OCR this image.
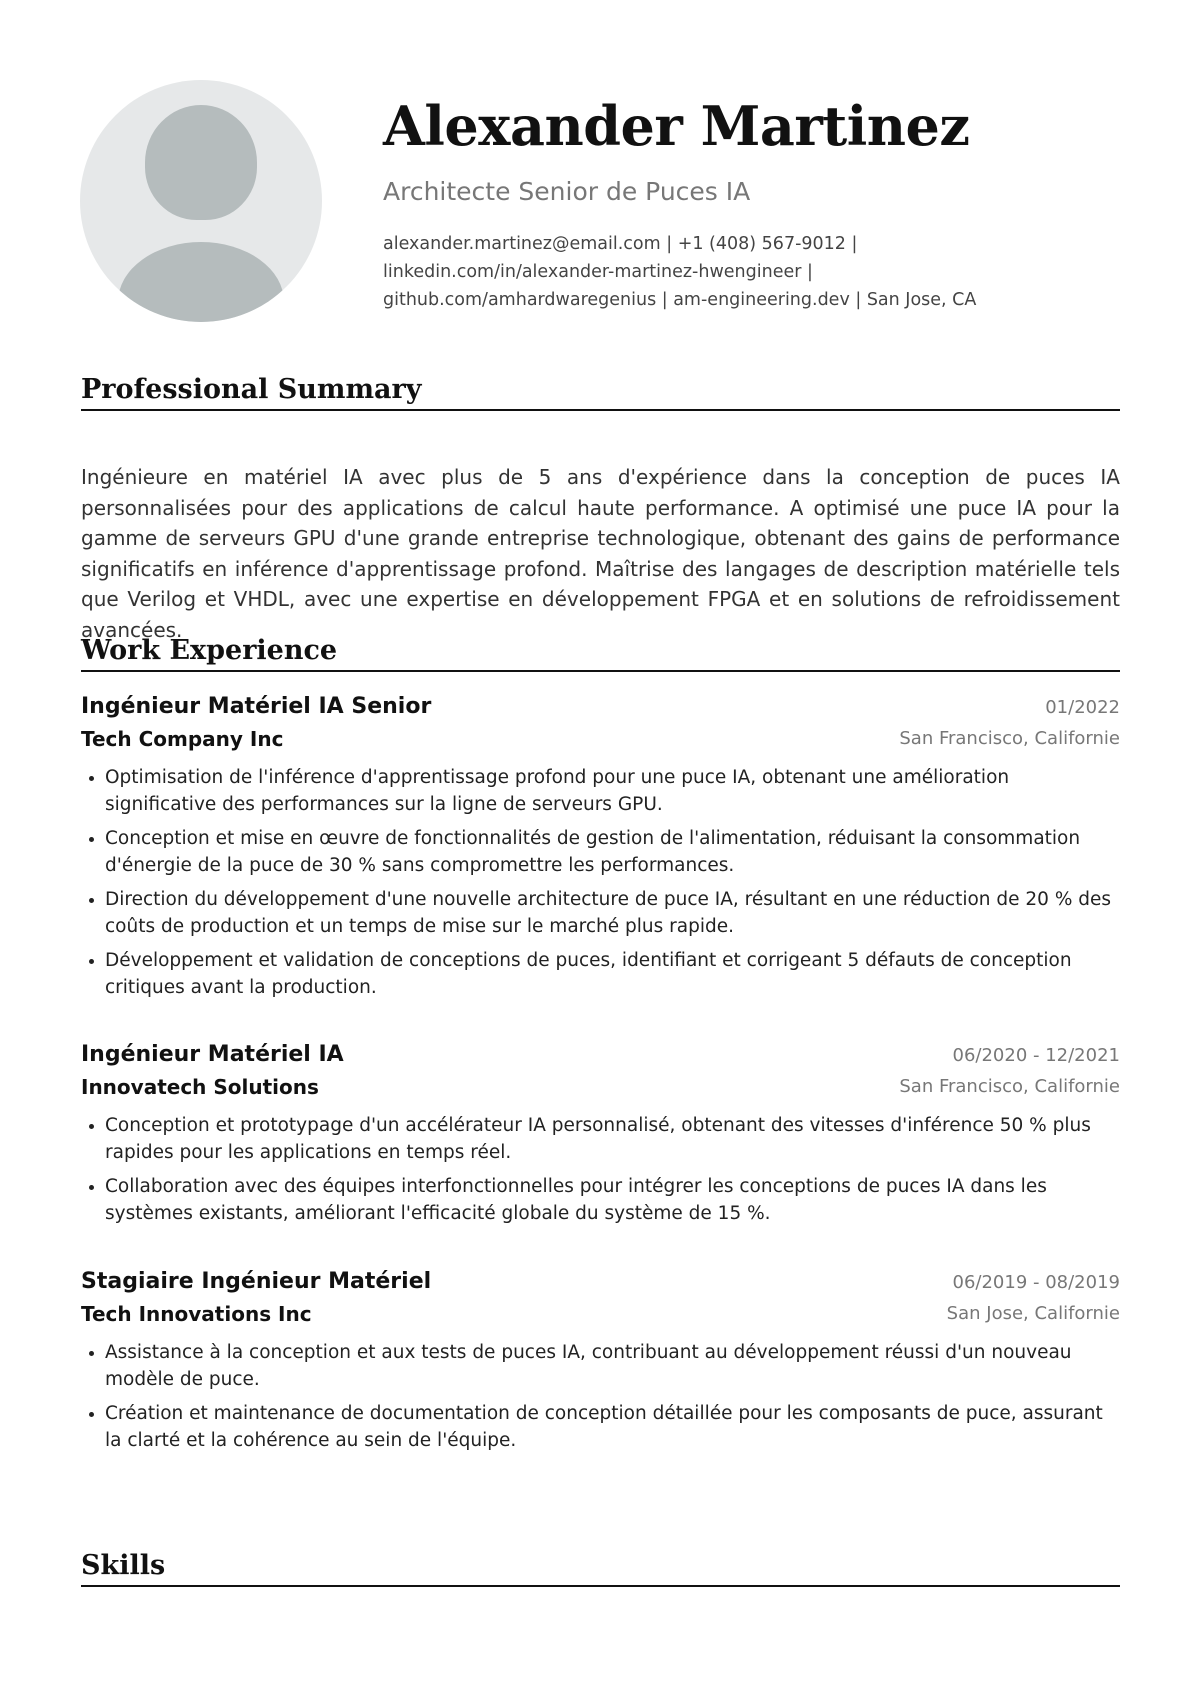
Alexander Martinez
Architecte Senior de Puces IA
alexander.martinez@email.com | +1 (408) 567-9012 | linkedin.com/in/alexander-martinez-hwengineer | github.com/amhardwaregenius | am-engineering.dev | San Jose, CA
Professional Summary

Ingénieure en matériel IA avec plus de 5 ans d'expérience dans la conception de puces IA personnalisées pour des applications de calcul haute performance. A optimisé une puce IA pour la gamme de serveurs GPU d'une grande entreprise technologique, obtenant des gains de performance significatifs en inférence d'apprentissage profond. Maîtrise des langages de description matérielle tels que Verilog et VHDL, avec une expertise en développement FPGA et en solutions de refroidissement avancées.

Work Experience
Ingénieur Matériel IA Senior	01/2022
Tech Company Inc	San Francisco, Californie
Optimisation de l'inférence d'apprentissage profond pour une puce IA, obtenant une amélioration significative des performances sur la ligne de serveurs GPU.
Conception et mise en œuvre de fonctionnalités de gestion de l'alimentation, réduisant la consommation d'énergie de la puce de 30 % sans compromettre les performances.
Direction du développement d'une nouvelle architecture de puce IA, résultant en une réduction de 20 % des coûts de production et un temps de mise sur le marché plus rapide.
Développement et validation de conceptions de puces, identifiant et corrigeant 5 défauts de conception critiques avant la production.
Ingénieur Matériel IA	06/2020 - 12/2021
Innovatech Solutions	San Francisco, Californie
Conception et prototypage d'un accélérateur IA personnalisé, obtenant des vitesses d'inférence 50 % plus rapides pour les applications en temps réel.
Collaboration avec des équipes interfonctionnelles pour intégrer les conceptions de puces IA dans les systèmes existants, améliorant l'efficacité globale du système de 15 %.
Stagiaire Ingénieur Matériel	06/2019 - 08/2019
Tech Innovations Inc	San Jose, Californie
Assistance à la conception et aux tests de puces IA, contribuant au développement réussi d'un nouveau modèle de puce.
Création et maintenance de documentation de conception détaillée pour les composants de puce, assurant la clarté et la cohérence au sein de l'équipe.
Skills
